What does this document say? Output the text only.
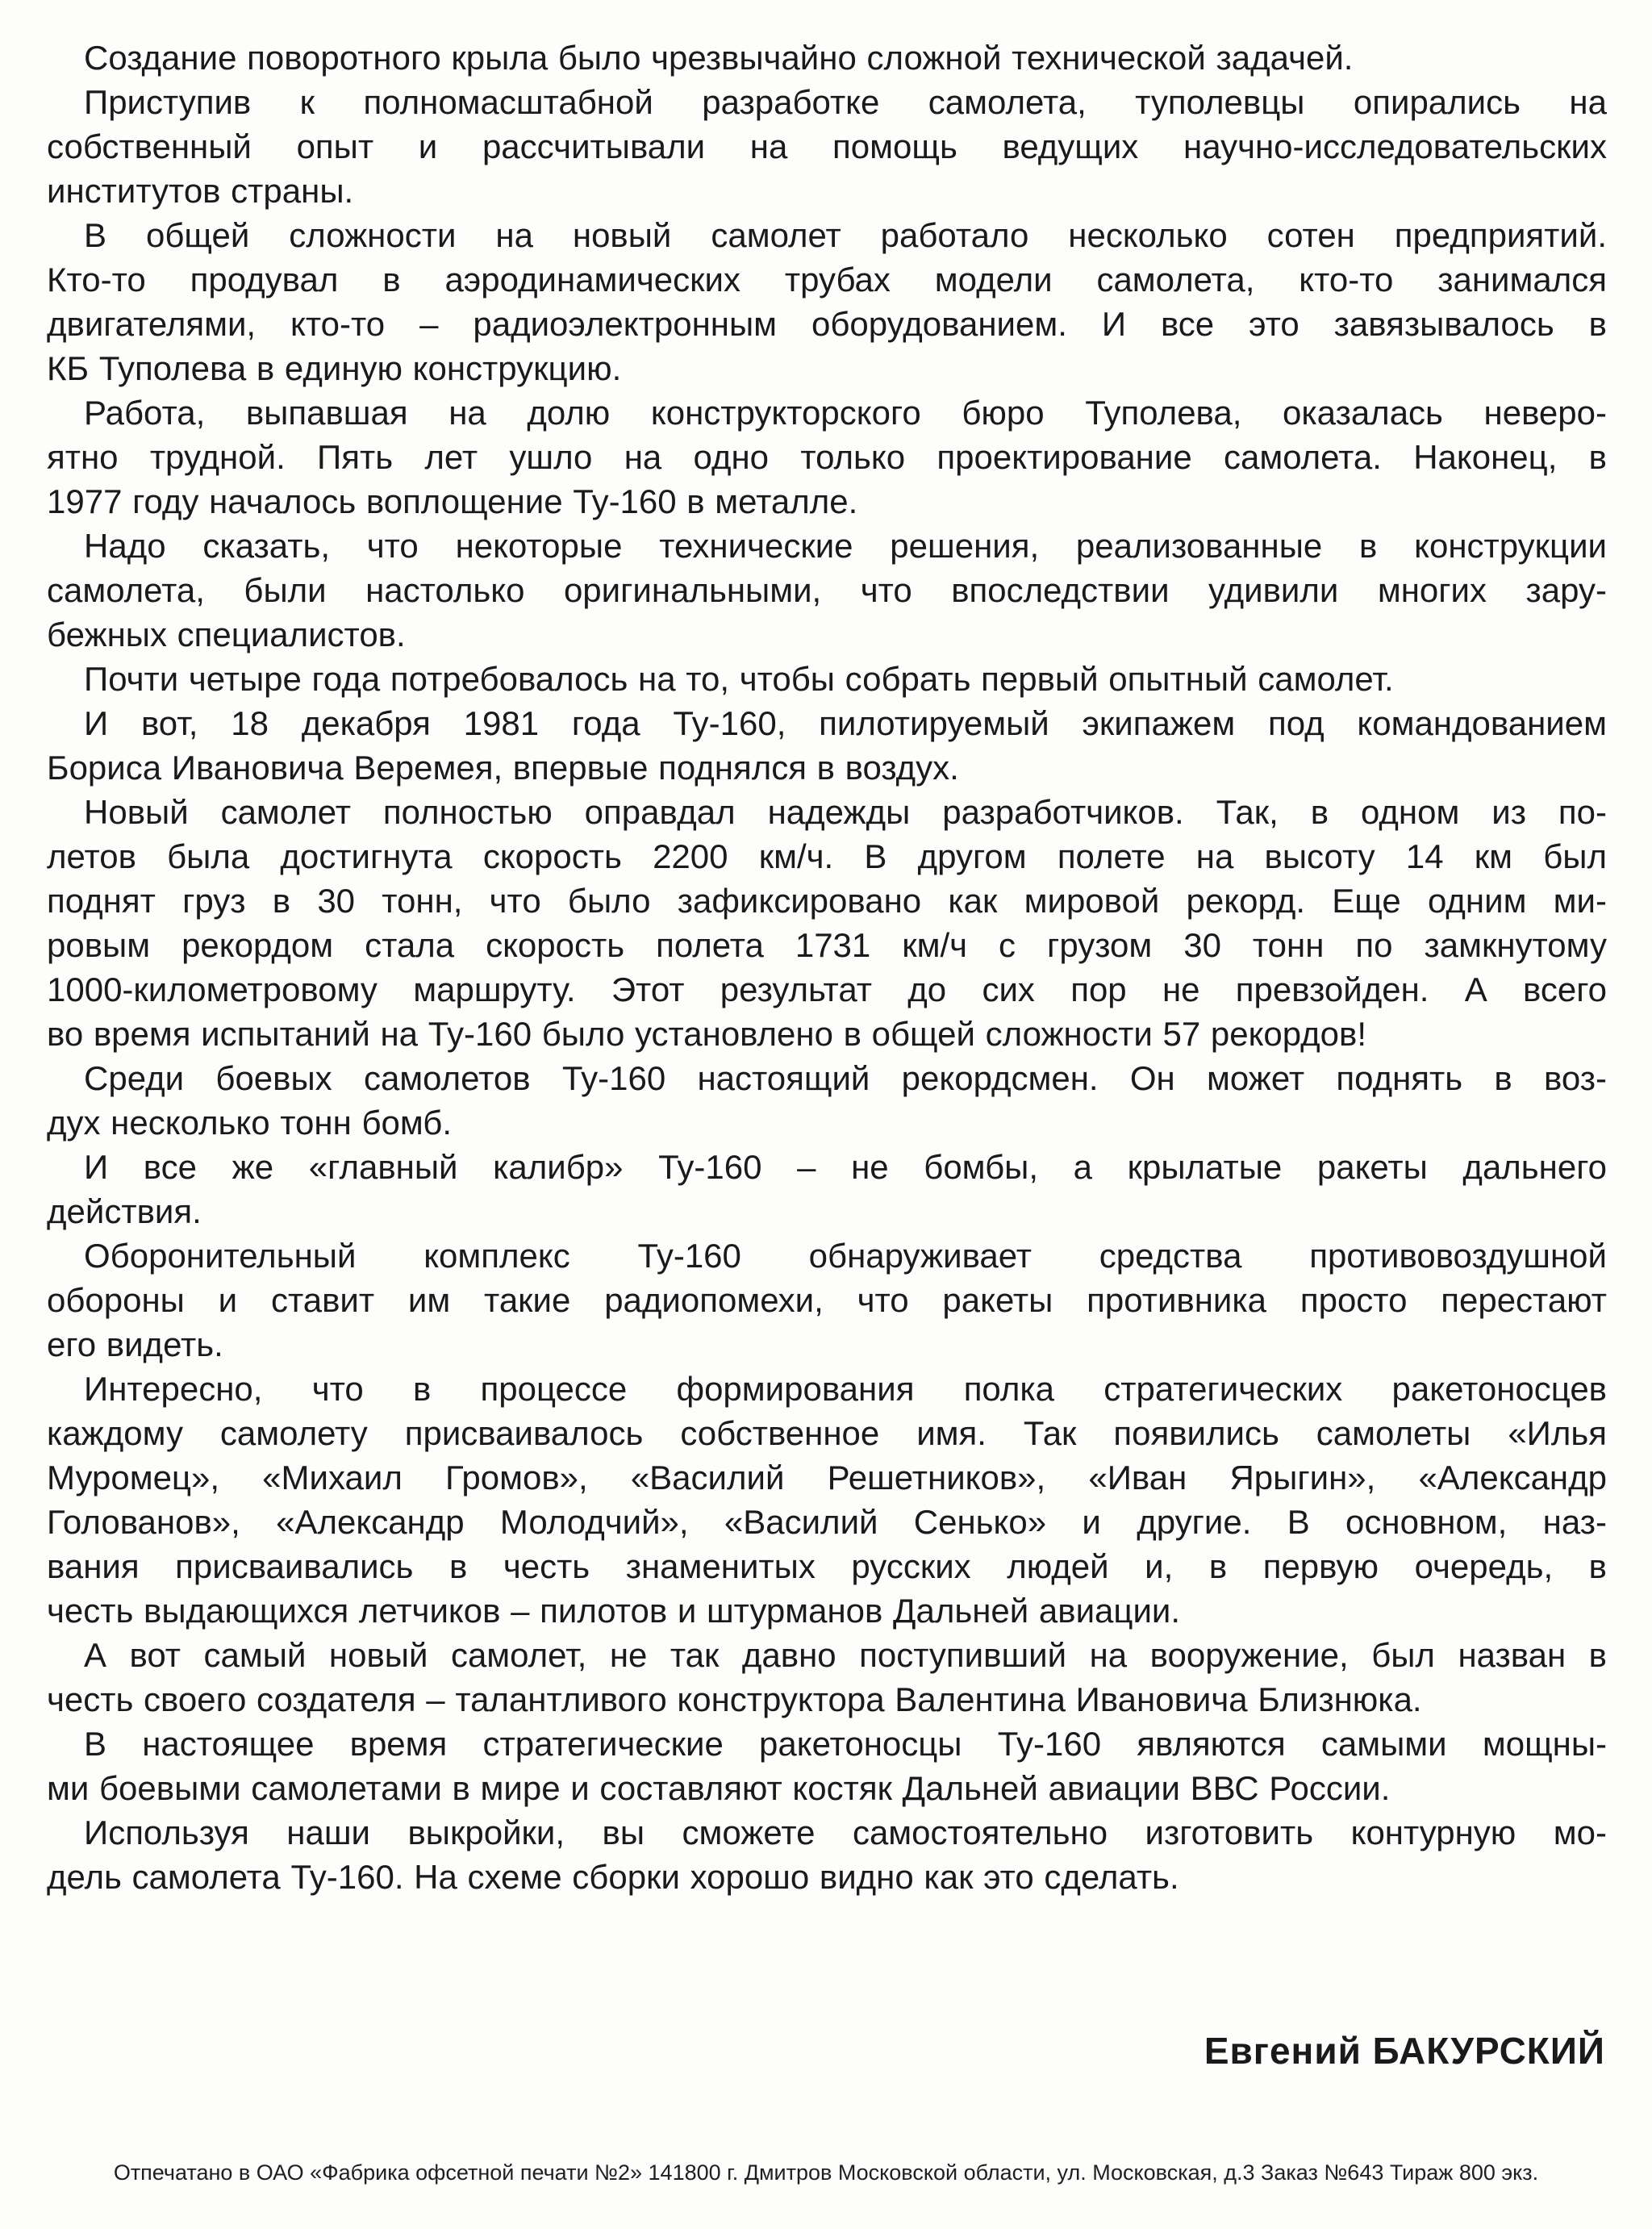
Создание поворотного крыла было чрезвычайно сложной технической задачей.
Приступив к полномасштабной разработке самолета, туполевцы опирались на
собственный опыт и рассчитывали на помощь ведущих научно-исследовательских
институтов страны.
В общей сложности на новый самолет работало несколько сотен предприятий.
Кто-то продувал в аэродинамических трубах модели самолета, кто-то занимался
двигателями, кто-то – радиоэлектронным оборудованием. И все это завязывалось в
КБ Туполева в единую конструкцию.
Работа, выпавшая на долю конструкторского бюро Туполева, оказалась неверо-
ятно трудной. Пять лет ушло на одно только проектирование самолета. Наконец, в
1977 году началось воплощение Ту-160 в металле.
Надо сказать, что некоторые технические решения, реализованные в конструкции
самолета, были настолько оригинальными, что впоследствии удивили многих зару-
бежных специалистов.
Почти четыре года потребовалось на то, чтобы собрать первый опытный самолет.
И вот, 18 декабря 1981 года Ту-160, пилотируемый экипажем под командованием
Бориса Ивановича Веремея, впервые поднялся в воздух.
Новый самолет полностью оправдал надежды разработчиков. Так, в одном из по-
летов была достигнута скорость 2200 км/ч. В другом полете на высоту 14 км был
поднят груз в 30 тонн, что было зафиксировано как мировой рекорд. Еще одним ми-
ровым рекордом стала скорость полета 1731 км/ч с грузом 30 тонн по замкнутому
1000-километровому маршруту. Этот результат до сих пор не превзойден. А всего
во время испытаний на Ту-160 было установлено в общей сложности 57 рекордов!
Среди боевых самолетов Ту-160 настоящий рекордсмен. Он может поднять в воз-
дух несколько тонн бомб.
И все же «главный калибр» Ту-160 – не бомбы, а крылатые ракеты дальнего
действия.
Оборонительный комплекс Ту-160 обнаруживает средства противовоздушной
обороны и ставит им такие радиопомехи, что ракеты противника просто перестают
его видеть.
Интересно, что в процессе формирования полка стратегических ракетоносцев
каждому самолету присваивалось собственное имя. Так появились самолеты «Илья
Муромец», «Михаил Громов», «Василий Решетников», «Иван Ярыгин», «Александр
Голованов», «Александр Молодчий», «Василий Сенько» и другие. В основном, наз-
вания присваивались в честь знаменитых русских людей и, в первую очередь, в
честь выдающихся летчиков – пилотов и штурманов Дальней авиации.
А вот самый новый самолет, не так давно поступивший на вооружение, был назван в
честь своего создателя – талантливого конструктора Валентина Ивановича Близнюка.
В настоящее время стратегические ракетоносцы Ту-160 являются самыми мощны-
ми боевыми самолетами в мире и составляют костяк Дальней авиации ВВС России.
Используя наши выкройки, вы сможете самостоятельно изготовить контурную мо-
дель самолета Ту-160. На схеме сборки хорошо видно как это сделать.
Евгений БАКУРСКИЙ
Отпечатано в ОАО «Фабрика офсетной печати №2» 141800 г. Дмитров Московской области, ул. Московская, д.3 Заказ №643 Тираж 800 экз.
